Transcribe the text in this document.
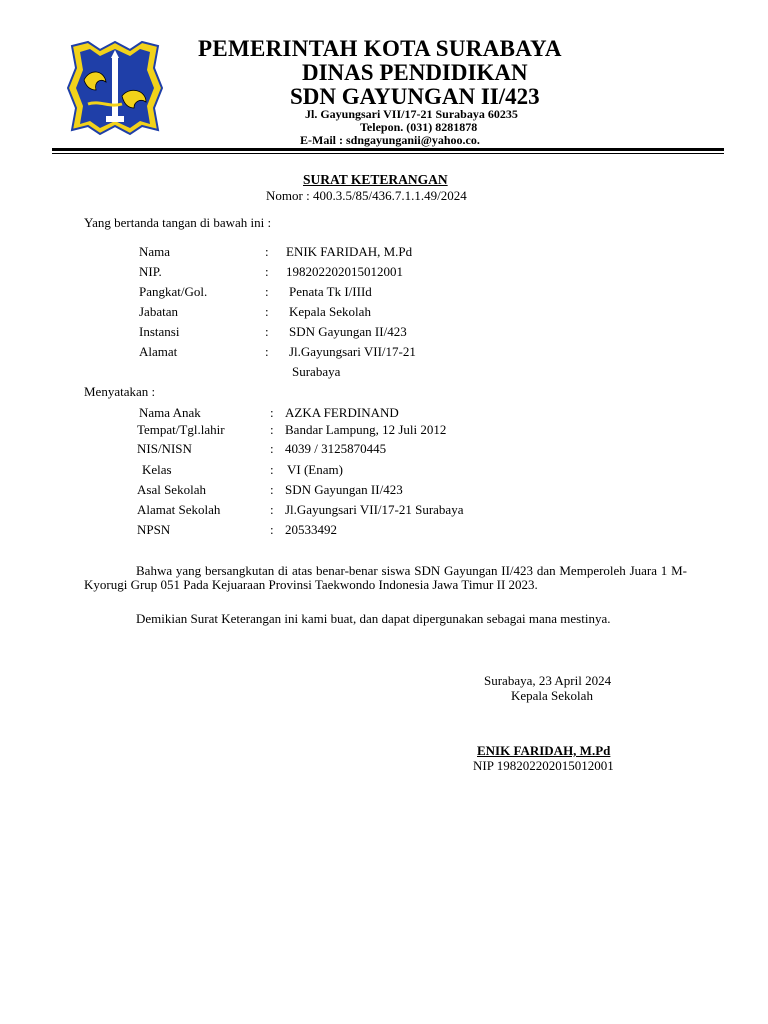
PEMERINTAH KOTA SURABAYA
DINAS PENDIDIKAN
SDN GAYUNGAN II/423
Jl. Gayungsari VII/17-21 Surabaya 60235
Telepon. (031) 8281878
E-Mail : sdngayunganii@yahoo.co.
SURAT KETERANGAN
Nomor : 400.3.5/85/436.7.1.1.49/2024
Yang bertanda tangan di bawah ini :
Nama	: ENIK FARIDAH, M.Pd
NIP.	: 198202202015012001
Pangkat/Gol.	: Penata Tk I/IIId
Jabatan	: Kepala Sekolah
Instansi	: SDN Gayungan II/423
Alamat	: Jl.Gayungsari VII/17-21
Surabaya
Menyatakan :
Nama Anak	: AZKA FERDINAND
Tempat/Tgl.lahir	: Bandar Lampung, 12 Juli 2012
NIS/NISN	: 4039 / 3125870445
Kelas	: VI (Enam)
Asal Sekolah	: SDN Gayungan II/423
Alamat Sekolah	: Jl.Gayungsari VII/17-21 Surabaya
NPSN	: 20533492
Bahwa yang bersangkutan di atas benar-benar siswa SDN Gayungan II/423 dan Memperoleh Juara 1 M-Kyorugi Grup 051 Pada Kejuaraan Provinsi Taekwondo Indonesia Jawa Timur II 2023.
Demikian Surat Keterangan ini kami buat, dan dapat dipergunakan sebagai mana mestinya.
Surabaya, 23 April 2024
Kepala Sekolah
ENIK FARIDAH, M.Pd
NIP 198202202015012001
